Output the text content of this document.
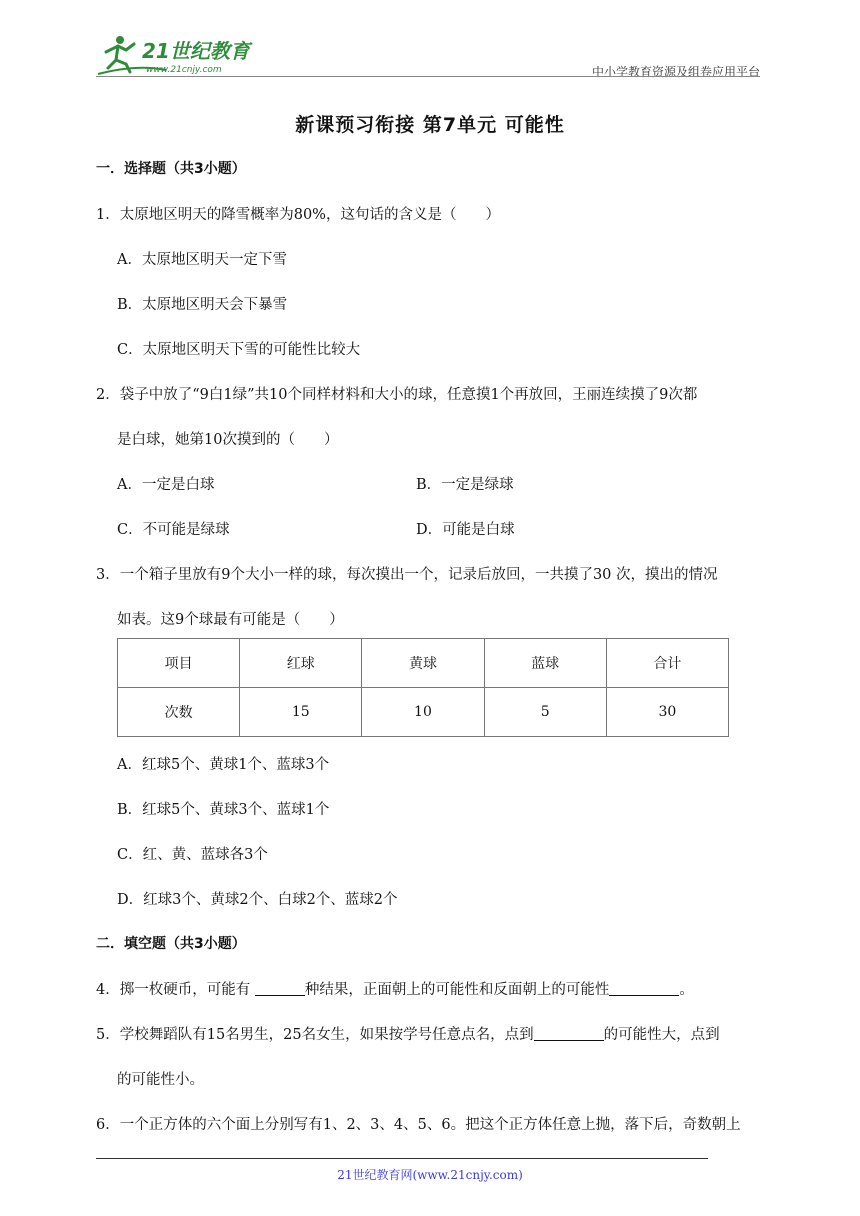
21世纪教育
www.21cnjy.com	中小学教育资源及组卷应用平台
新课预习衔接 第7单元 可能性
一．选择题（共3小题）
1．太原地区明天的降雪概率为80%，这句话的含义是（　　）
A．太原地区明天一定下雪
B．太原地区明天会下暴雪
C．太原地区明天下雪的可能性比较大
2．袋子中放了“9白1绿”共10个同样材料和大小的球，任意摸1个再放回，王丽连续摸了9次都
是白球，她第10次摸到的（　　）
A．一定是白球	B．一定是绿球
C．不可能是绿球	D．可能是白球
3．一个箱子里放有9个大小一样的球，每次摸出一个，记录后放回，一共摸了30 次，摸出的情况
如表。这9个球最有可能是（　　）
项目	红球	黄球	蓝球	合计
次数	15	10	5	30
A．红球5个、黄球1个、蓝球3个
B．红球5个、黄球3个、蓝球1个
C．红、黄、蓝球各3个
D．红球3个、黄球2个、白球2个、蓝球2个
二．填空题（共3小题）
4．掷一枚硬币，可能有	种结果，正面朝上的可能性和反面朝上的可能性	。
5．学校舞蹈队有15名男生，25名女生，如果按学号任意点名，点到	的可能性大，点到
的可能性小。
6．一个正方体的六个面上分别写有1、2、3、4、5、6。把这个正方体任意上抛，落下后，奇数朝上
21世纪教育网(www.21cnjy.com)
